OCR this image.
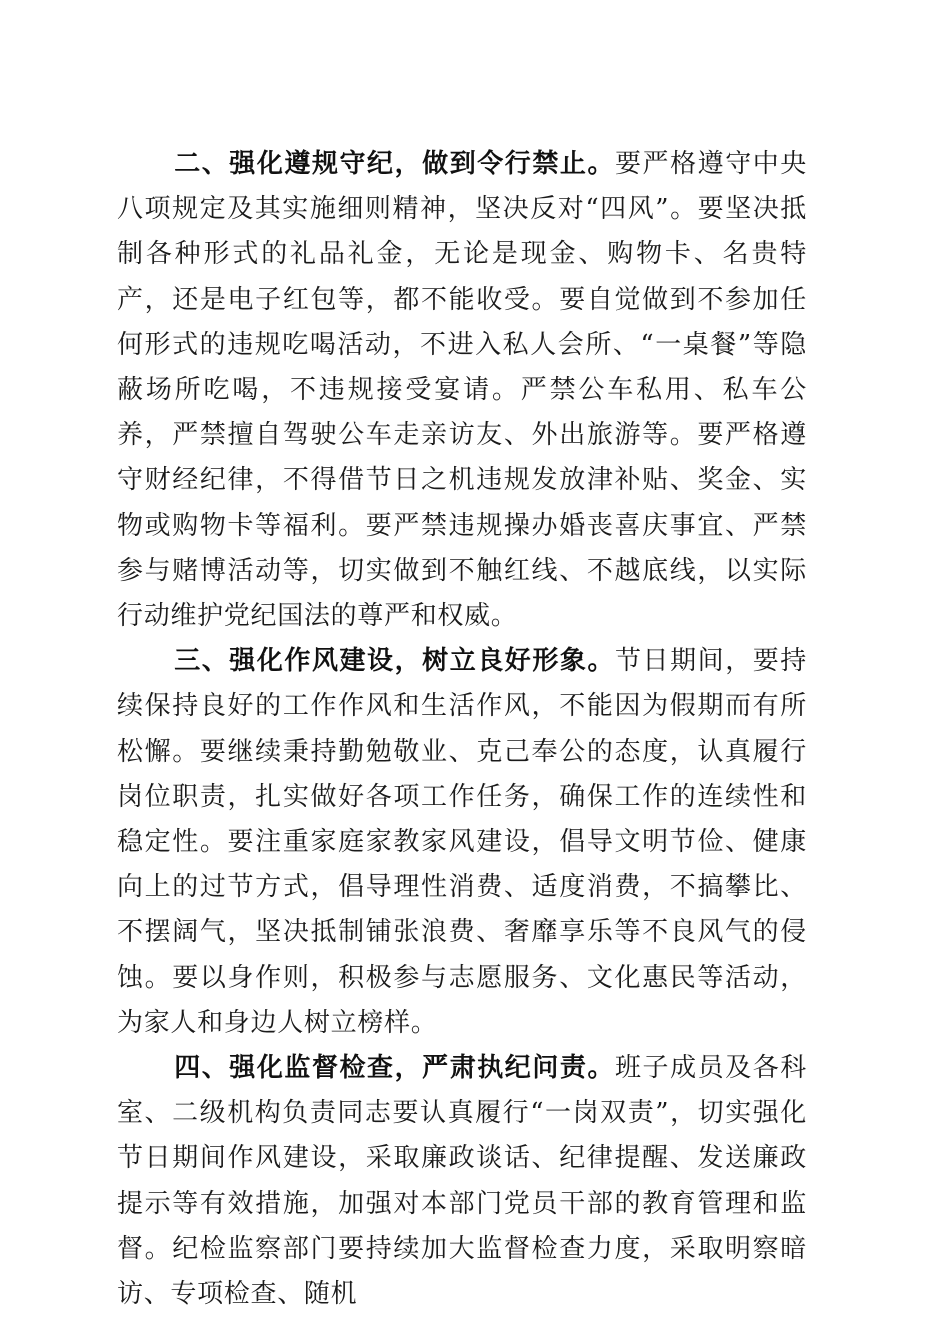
二、强化遵规守纪，做到令行禁止。要严格遵守中央八项规定及其实施细则精神，坚决反对“四风”。要坚决抵制各种形式的礼品礼金，无论是现金、购物卡、名贵特产，还是电子红包等，都不能收受。要自觉做到不参加任何形式的违规吃喝活动，不进入私人会所、“一桌餐”等隐蔽场所吃喝，不违规接受宴请。严禁公车私用、私车公养，严禁擅自驾驶公车走亲访友、外出旅游等。要严格遵守财经纪律，不得借节日之机违规发放津补贴、奖金、实物或购物卡等福利。要严禁违规操办婚丧喜庆事宜、严禁参与赌博活动等，切实做到不触红线、不越底线，以实际行动维护党纪国法的尊严和权威。

三、强化作风建设，树立良好形象。节日期间，要持续保持良好的工作作风和生活作风，不能因为假期而有所松懈。要继续秉持勤勉敬业、克己奉公的态度，认真履行岗位职责，扎实做好各项工作任务，确保工作的连续性和稳定性。要注重家庭家教家风建设，倡导文明节俭、健康向上的过节方式，倡导理性消费、适度消费，不搞攀比、不摆阔气，坚决抵制铺张浪费、奢靡享乐等不良风气的侵蚀。要以身作则，积极参与志愿服务、文化惠民等活动，为家人和身边人树立榜样。

四、强化监督检查，严肃执纪问责。班子成员及各科室、二级机构负责同志要认真履行“一岗双责”，切实强化节日期间作风建设，采取廉政谈话、纪律提醒、发送廉政提示等有效措施，加强对本部门党员干部的教育管理和监督。纪检监察部门要持续加大监督检查力度，采取明察暗访、专项检查、随机
